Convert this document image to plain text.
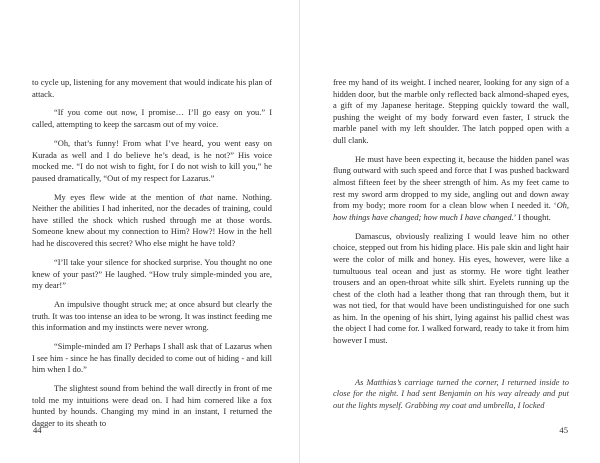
to cycle up, listening for any movement that would indicate his plan of attack.

“If you come out now, I promise… I’ll go easy on you.” I called, attempting to keep the sarcasm out of my voice.

“Oh, that’s funny! From what I’ve heard, you went easy on Kurada as well and I do believe he’s dead, is he not?” His voice mocked me. “I do not wish to fight, for I do not wish to kill you,” he paused dramatically, “Out of my respect for Lazarus.”

My eyes flew wide at the mention of that name. Nothing. Neither the abilities I had inherited, nor the decades of training, could have stilled the shock which rushed through me at those words. Someone knew about my connection to Him? How?! How in the hell had he discovered this secret? Who else might he have told?

“I’ll take your silence for shocked surprise. You thought no one knew of your past?” He laughed. “How truly simple-minded you are, my dear!”

An impulsive thought struck me; at once absurd but clearly the truth. It was too intense an idea to be wrong. It was instinct feeding me this information and my instincts were never wrong.

“Simple-minded am I? Perhaps I shall ask that of Lazarus when I see him - since he has finally decided to come out of hiding - and kill him when I do.”

The slightest sound from behind the wall directly in front of me told me my intuitions were dead on. I had him cornered like a fox hunted by hounds. Changing my mind in an instant, I returned the dagger to its sheath to

44

free my hand of its weight. I inched nearer, looking for any sign of a hidden door, but the marble only reflected back almond-shaped eyes, a gift of my Japanese heritage. Stepping quickly toward the wall, pushing the weight of my body forward even faster, I struck the marble panel with my left shoulder. The latch popped open with a dull clank.

He must have been expecting it, because the hidden panel was flung outward with such speed and force that I was pushed backward almost fifteen feet by the sheer strength of him. As my feet came to rest my sword arm dropped to my side, angling out and down away from my body; more room for a clean blow when I needed it. ‘Oh, how things have changed; how much I have changed.’ I thought.

Damascus, obviously realizing I would leave him no other choice, stepped out from his hiding place. His pale skin and light hair were the color of milk and honey. His eyes, however, were like a tumultuous teal ocean and just as stormy. He wore tight leather trousers and an open-throat white silk shirt. Eyelets running up the chest of the cloth had a leather thong that ran through them, but it was not tied, for that would have been undistinguished for one such as him. In the opening of his shirt, lying against his pallid chest was the object I had come for. I walked forward, ready to take it from him however I must.

As Matthias’s carriage turned the corner, I returned inside to close for the night. I had sent Benjamin on his way already and put out the lights myself. Grabbing my coat and umbrella, I locked

45
